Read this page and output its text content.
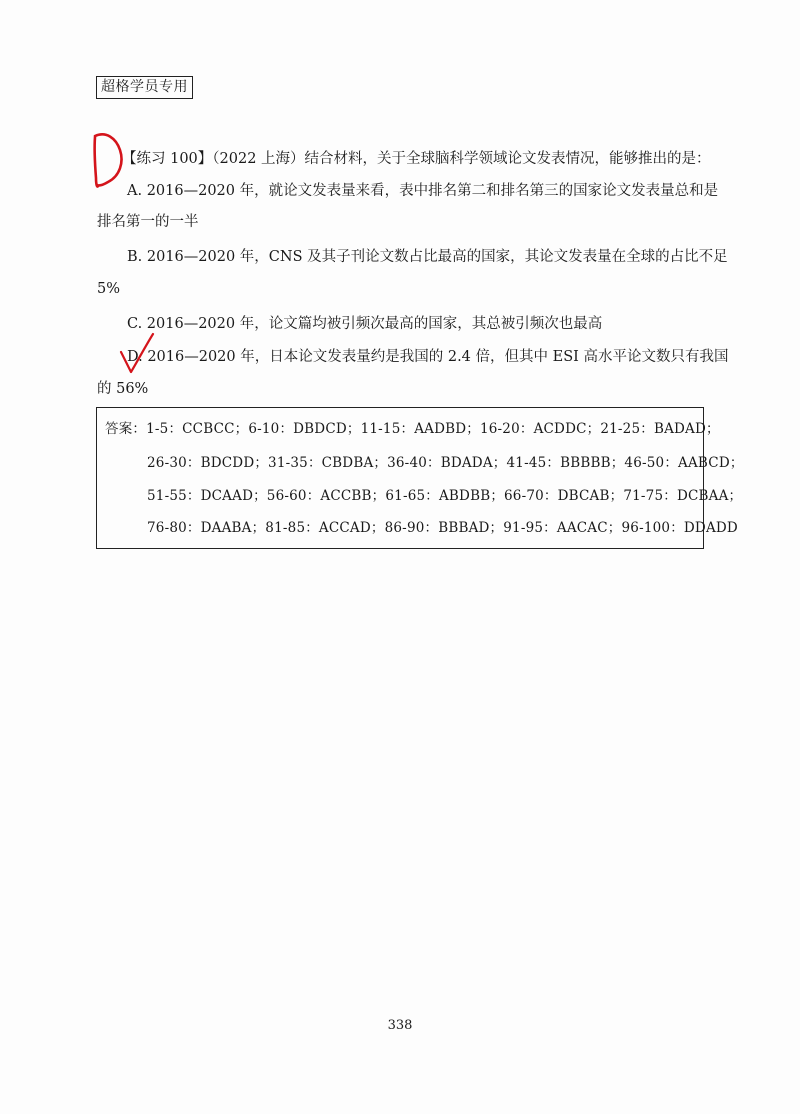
超格学员专用
【练习 100】（2022 上海）结合材料，关于全球脑科学领域论文发表情况，能够推出的是：
A. 2016—2020 年，就论文发表量来看，表中排名第二和排名第三的国家论文发表量总和是
排名第一的一半
B. 2016—2020 年，CNS 及其子刊论文数占比最高的国家，其论文发表量在全球的占比不足
5%
C. 2016—2020 年，论文篇均被引频次最高的国家，其总被引频次也最高
D. 2016—2020 年，日本论文发表量约是我国的 2.4 倍，但其中 ESI 高水平论文数只有我国
的 56%
答案：1-5：CCBCC；6-10：DBDCD；11-15：AADBD；16-20：ACDDC；21-25：BADAD；
26-30：BDCDD；31-35：CBDBA；36-40：BDADA；41-45：BBBBB；46-50：AABCD；
51-55：DCAAD；56-60：ACCBB；61-65：ABDBB；66-70：DBCAB；71-75：DCBAA；
76-80：DAABA；81-85：ACCAD；86-90：BBBAD；91-95：AACAC；96-100：DDADD
338
